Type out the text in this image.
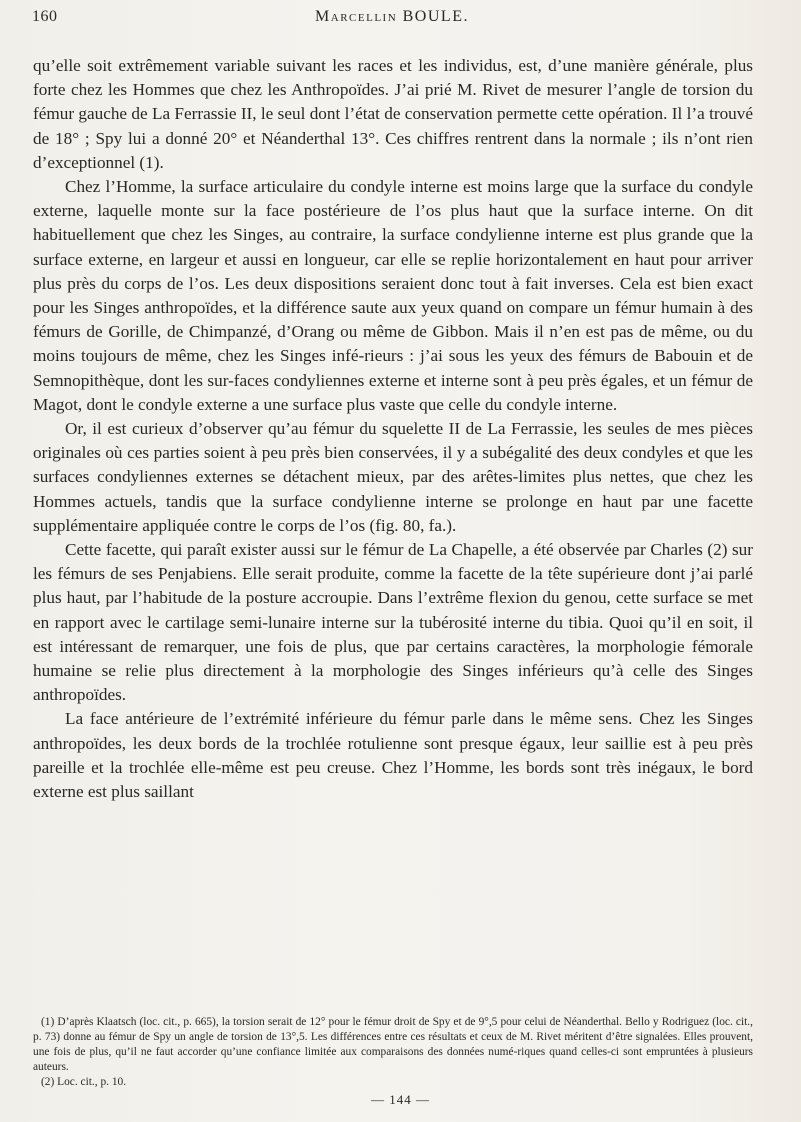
160	Marcellin BOULE.

qu’elle soit extrêmement variable suivant les races et les individus, est, d’une manière générale, plus forte chez les Hommes que chez les Anthropoïdes. J’ai prié M. Rivet de mesurer l’angle de torsion du fémur gauche de La Ferrassie II, le seul dont l’état de conservation permette cette opération. Il l’a trouvé de 18° ; Spy lui a donné 20° et Néanderthal 13°. Ces chiffres rentrent dans la normale ; ils n’ont rien d’exceptionnel (1).

Chez l’Homme, la surface articulaire du condyle interne est moins large que la surface du condyle externe, laquelle monte sur la face postérieure de l’os plus haut que la surface interne. On dit habituellement que chez les Singes, au contraire, la surface condylienne interne est plus grande que la surface externe, en largeur et aussi en longueur, car elle se replie horizontalement en haut pour arriver plus près du corps de l’os. Les deux dispositions seraient donc tout à fait inverses. Cela est bien exact pour les Singes anthropoïdes, et la différence saute aux yeux quand on compare un fémur humain à des fémurs de Gorille, de Chimpanzé, d’Orang ou même de Gibbon. Mais il n’en est pas de même, ou du moins toujours de même, chez les Singes infé-rieurs : j’ai sous les yeux des fémurs de Babouin et de Semnopithèque, dont les sur-faces condyliennes externe et interne sont à peu près égales, et un fémur de Magot, dont le condyle externe a une surface plus vaste que celle du condyle interne.

Or, il est curieux d’observer qu’au fémur du squelette II de La Ferrassie, les seules de mes pièces originales où ces parties soient à peu près bien conservées, il y a subégalité des deux condyles et que les surfaces condyliennes externes se détachent mieux, par des arêtes-limites plus nettes, que chez les Hommes actuels, tandis que la surface condylienne interne se prolonge en haut par une facette supplémentaire appliquée contre le corps de l’os (fig. 80, fa.).

Cette facette, qui paraît exister aussi sur le fémur de La Chapelle, a été observée par Charles (2) sur les fémurs de ses Penjabiens. Elle serait produite, comme la facette de la tête supérieure dont j’ai parlé plus haut, par l’habitude de la posture accroupie. Dans l’extrême flexion du genou, cette surface se met en rapport avec le cartilage semi-lunaire interne sur la tubérosité interne du tibia. Quoi qu’il en soit, il est intéressant de remarquer, une fois de plus, que par certains caractères, la morphologie fémorale humaine se relie plus directement à la morphologie des Singes inférieurs qu’à celle des Singes anthropoïdes.

La face antérieure de l’extrémité inférieure du fémur parle dans le même sens. Chez les Singes anthropoïdes, les deux bords de la trochlée rotulienne sont presque égaux, leur saillie est à peu près pareille et la trochlée elle-même est peu creuse. Chez l’Homme, les bords sont très inégaux, le bord externe est plus saillant

(1) D’après Klaatsch (loc. cit., p. 665), la torsion serait de 12° pour le fémur droit de Spy et de 9°,5 pour celui de Néanderthal. Bello y Rodriguez (loc. cit., p. 73) donne au fémur de Spy un angle de torsion de 13°,5. Les différences entre ces résultats et ceux de M. Rivet méritent d’être signalées. Elles prouvent, une fois de plus, qu’il ne faut accorder qu’une confiance limitée aux comparaisons des données numé-riques quand celles-ci sont empruntées à plusieurs auteurs.

(2) Loc. cit., p. 10.

— 144 —
